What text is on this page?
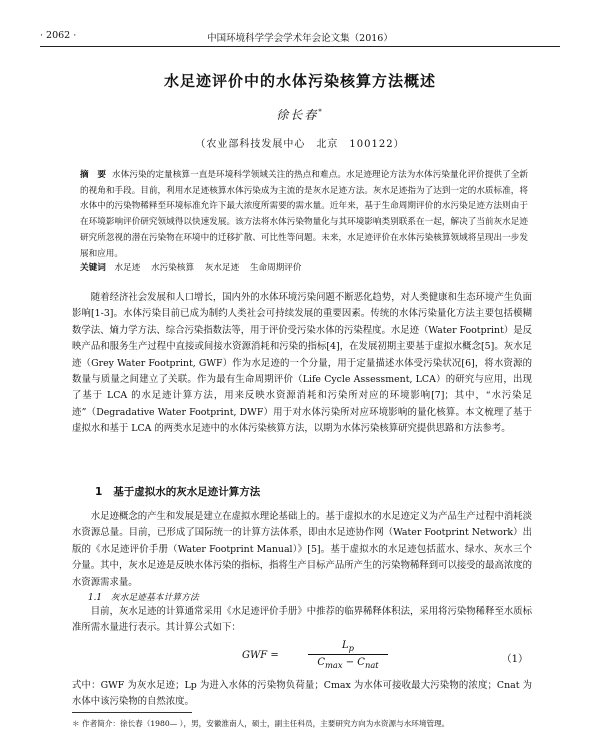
· 2062 ·	中国环境科学学会学术年会论文集（2016）
水足迹评价中的水体污染核算方法概述
徐长春*
（农业部科技发展中心　北京　100122）
摘　要 水体污染的定量核算一直是环境科学领域关注的热点和难点。水足迹理论方法为水体污染量化评价提供了全新的视角和手段。目前，利用水足迹核算水体污染成为主流的是灰水足迹方法。灰水足迹指为了达到一定的水质标准，将水体中的污染物稀释至环境标准允许下最大浓度所需要的需水量。近年来，基于生命周期评价的水污染足迹方法则由于在环境影响评价研究领域得以快速发展。该方法将水体污染物量化与其环境影响类别联系在一起，解决了当前灰水足迹研究所忽视的潜在污染物在环境中的迁移扩散、可比性等问题。未来，水足迹评价在水体污染核算领域将呈现出一步发展和应用。
关键词 水足迹 水污染核算 灰水足迹 生命周期评价
随着经济社会发展和人口增长，国内外的水体环境污染问题不断恶化趋势，对人类健康和生态环境产生负面影响[1-3]。水体污染目前已成为制约人类社会可持续发展的重要因素。传统的水体污染量化方法主要包括模糊数学法、熵力学方法、综合污染指数法等，用于评价受污染水体的污染程度。水足迹（Water Footprint）是反映产品和服务生产过程中直接或间接水资源消耗和污染的指标[4]，在发展初期主要基于虚拟水概念[5]。灰水足迹（Grey Water Footprint, GWF）作为水足迹的一个分量，用于定量描述水体受污染状况[6]，将水资源的数量与质量之间建立了关联。作为最有生命周期评价（Life Cycle Assessment, LCA）的研究与应用，出现了基于 LCA 的水足迹计算方法，用来反映水资源消耗和污染所对应的环境影响[7]；其中，“水污染足迹”（Degradative Water Footprint, DWF）用于对水体污染所对应环境影响的量化核算。本文梳理了基于虚拟水和基于 LCA 的两类水足迹中的水体污染核算方法，以期为水体污染核算研究提供思路和方法参考。
1 基于虚拟水的灰水足迹计算方法
水足迹概念的产生和发展是建立在虚拟水理论基础上的。基于虚拟水的水足迹定义为产品生产过程中消耗淡水资源总量。目前，已形成了国际统一的计算方法体系，即由水足迹协作网（Water Footprint Network）出版的《水足迹评价手册（Water Footprint Manual）》[5]。基于虚拟水的水足迹包括蓝水、绿水、灰水三个分量。其中，灰水足迹是反映水体污染的指标，指将生产目标产品所产生的污染物稀释到可以接受的最高浓度的水资源需求量。
1.1　灰水足迹基本计算方法
目前，灰水足迹的计算通常采用《水足迹评价手册》中推荐的临界稀释体积法，采用将污染物稀释至水质标准所需水量进行表示。其计算公式如下：
GWF =
$L_p$
$C_{max} - C_{nat}$	（1）
式中：GWF 为灰水足迹；Lp 为进入水体的污染物负荷量；Cmax 为水体可接收最大污染物的浓度；Cnat 为水体中该污染物的自然浓度。
＊ 作者简介：徐长春（1980— ），男，安徽淮南人，硕士，副主任科员，主要研究方向为水资源与水环境管理。
